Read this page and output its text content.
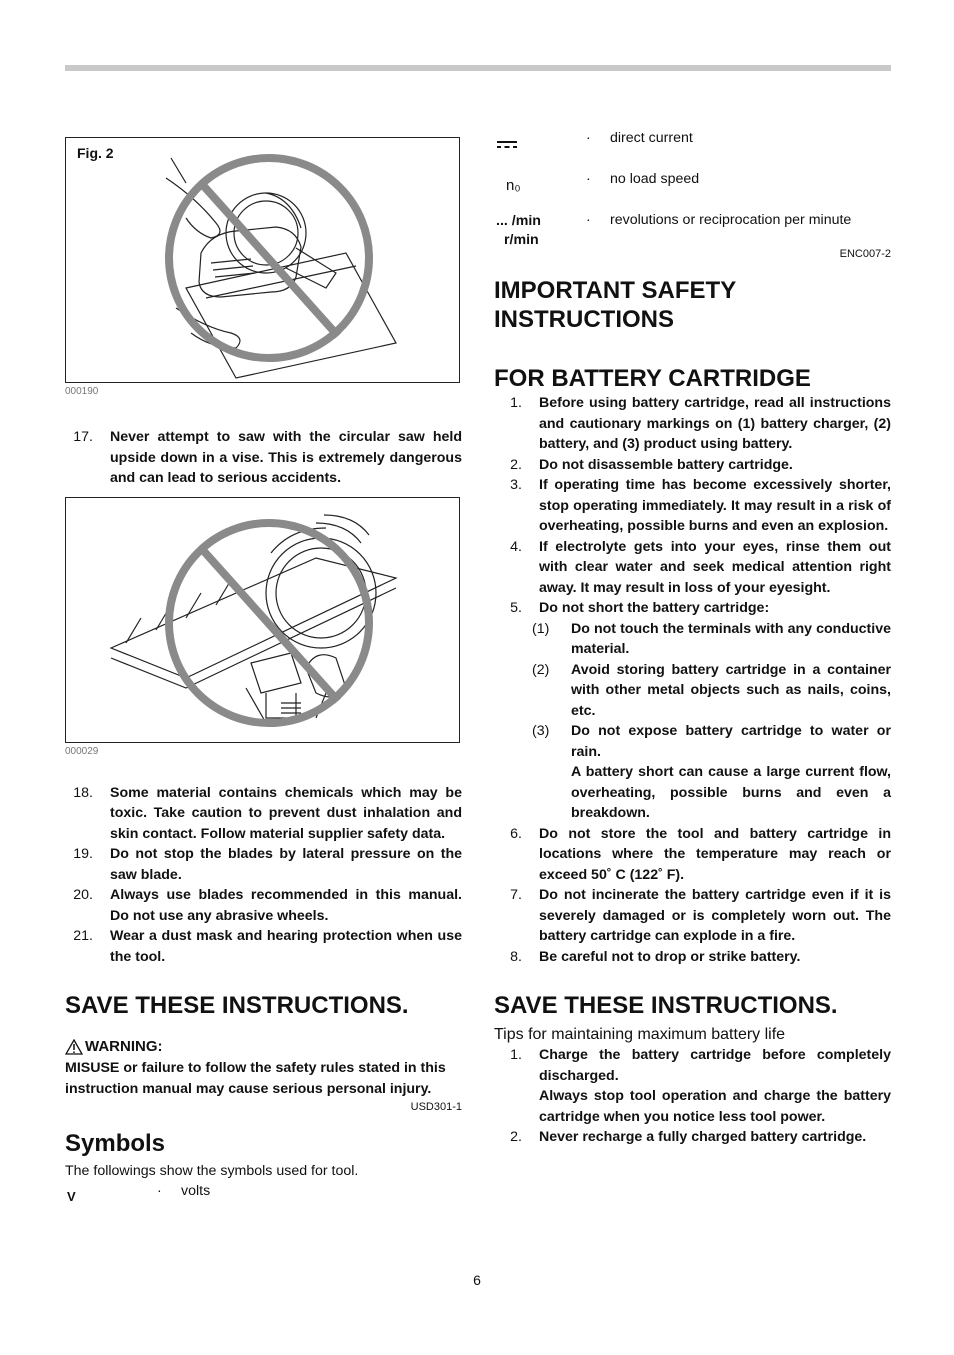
Fig. 2
000190
17. Never attempt to saw with the circular saw held upside down in a vise. This is extremely dangerous and can lead to serious accidents.
000029
18. Some material contains chemicals which may be toxic. Take caution to prevent dust inhalation and skin contact. Follow material supplier safety data.
19. Do not stop the blades by lateral pressure on the saw blade.
20. Always use blades recommended in this manual. Do not use any abrasive wheels.
21. Wear a dust mask and hearing protection when use the tool.
SAVE THESE INSTRUCTIONS.
WARNING:
MISUSE or failure to follow the safety rules stated in this instruction manual may cause serious personal injury.
USD301-1
Symbols
The followings show the symbols used for tool.
V	· volts
· direct current
n₀	· no load speed
... /min
r/min
· revolutions or reciprocation per minute
ENC007-2
IMPORTANT SAFETY INSTRUCTIONS
FOR BATTERY CARTRIDGE
1. Before using battery cartridge, read all instructions and cautionary markings on (1) battery charger, (2) battery, and (3) product using battery.
2. Do not disassemble battery cartridge.
3. If operating time has become excessively shorter, stop operating immediately. It may result in a risk of overheating, possible burns and even an explosion.
4. If electrolyte gets into your eyes, rinse them out with clear water and seek medical attention right away. It may result in loss of your eyesight.
5. Do not short the battery cartridge:
(1) Do not touch the terminals with any conductive material.
(2) Avoid storing battery cartridge in a container with other metal objects such as nails, coins, etc.
(3) Do not expose battery cartridge to water or rain.
A battery short can cause a large current flow, overheating, possible burns and even a breakdown.
6. Do not store the tool and battery cartridge in locations where the temperature may reach or exceed 50˚ C (122˚ F).
7. Do not incinerate the battery cartridge even if it is severely damaged or is completely worn out. The battery cartridge can explode in a fire.
8. Be careful not to drop or strike battery.
SAVE THESE INSTRUCTIONS.
Tips for maintaining maximum battery life
1. Charge the battery cartridge before completely discharged.
Always stop tool operation and charge the battery cartridge when you notice less tool power.
2. Never recharge a fully charged battery cartridge.
6
